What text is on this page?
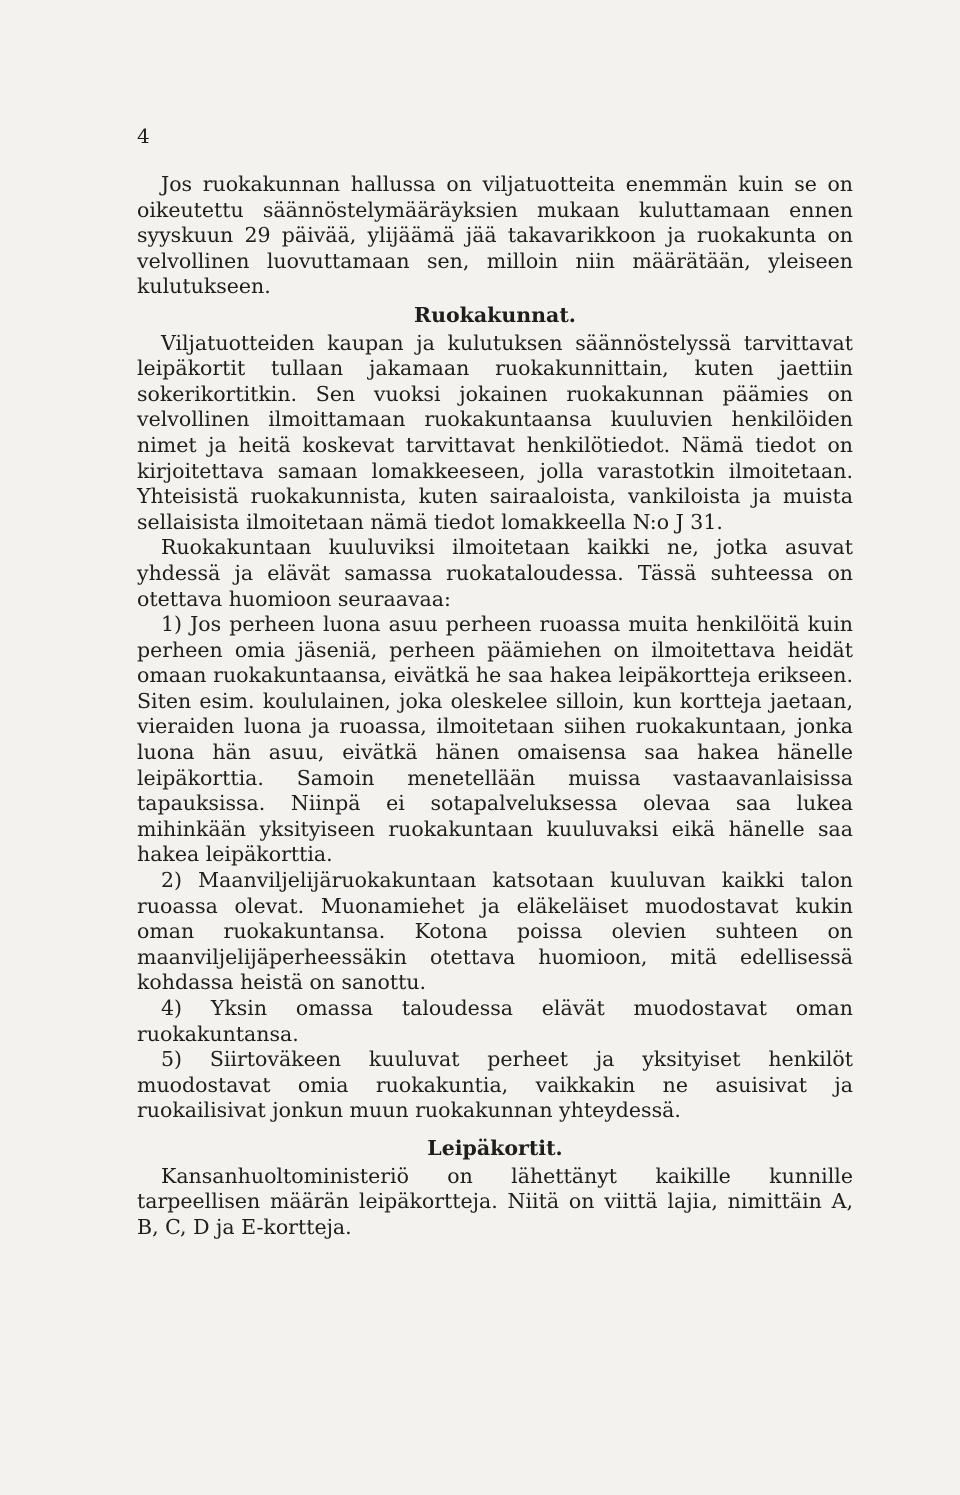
4

Jos ruokakunnan hallussa on viljatuotteita enemmän kuin se on oikeutettu säännöstelymääräyksien mukaan kuluttamaan ennen syyskuun 29 päivää, ylijäämä jää takavarikkoon ja ruokakunta on velvollinen luovuttamaan sen, milloin niin määrätään, yleiseen kulutukseen.

Ruokakunnat.

Viljatuotteiden kaupan ja kulutuksen säännöstelyssä tarvittavat leipäkortit tullaan jakamaan ruokakunnittain, kuten jaettiin sokerikortitkin. Sen vuoksi jokainen ruokakunnan päämies on velvollinen ilmoittamaan ruokakuntaansa kuuluvien henkilöiden nimet ja heitä koskevat tarvittavat henkilötiedot. Nämä tiedot on kirjoitettava samaan lomakkeeseen, jolla varastotkin ilmoitetaan. Yhteisistä ruokakunnista, kuten sairaaloista, vankiloista ja muista sellaisista ilmoitetaan nämä tiedot lomakkeella N:o J 31.

Ruokakuntaan kuuluviksi ilmoitetaan kaikki ne, jotka asuvat yhdessä ja elävät samassa ruokataloudessa. Tässä suhteessa on otettava huomioon seuraavaa:

1) Jos perheen luona asuu perheen ruoassa muita henkilöitä kuin perheen omia jäseniä, perheen päämiehen on ilmoitettava heidät omaan ruokakuntaansa, eivätkä he saa hakea leipäkortteja erikseen. Siten esim. koululainen, joka oleskelee silloin, kun kortteja jaetaan, vieraiden luona ja ruoassa, ilmoitetaan siihen ruokakuntaan, jonka luona hän asuu, eivätkä hänen omaisensa saa hakea hänelle leipäkorttia. Samoin menetellään muissa vastaavanlaisissa tapauksissa. Niinpä ei sotapalveluksessa olevaa saa lukea mihinkään yksityiseen ruokakuntaan kuuluvaksi eikä hänelle saa hakea leipäkorttia.

2) Maanviljelijäruokakuntaan katsotaan kuuluvan kaikki talon ruoassa olevat. Muonamiehet ja eläkeläiset muodostavat kukin oman ruokakuntansa. Kotona poissa olevien suhteen on maanviljelijäperheessäkin otettava huomioon, mitä edellisessä kohdassa heistä on sanottu.

4) Yksin omassa taloudessa elävät muodostavat oman ruokakuntansa.

5) Siirtoväkeen kuuluvat perheet ja yksityiset henkilöt muodostavat omia ruokakuntia, vaikkakin ne asuisivat ja ruokailisivat jonkun muun ruokakunnan yhteydessä.

Leipäkortit.

Kansanhuoltoministeriö on lähettänyt kaikille kunnille tarpeellisen määrän leipäkortteja. Niitä on viittä lajia, nimittäin A, B, C, D ja E-kortteja.
